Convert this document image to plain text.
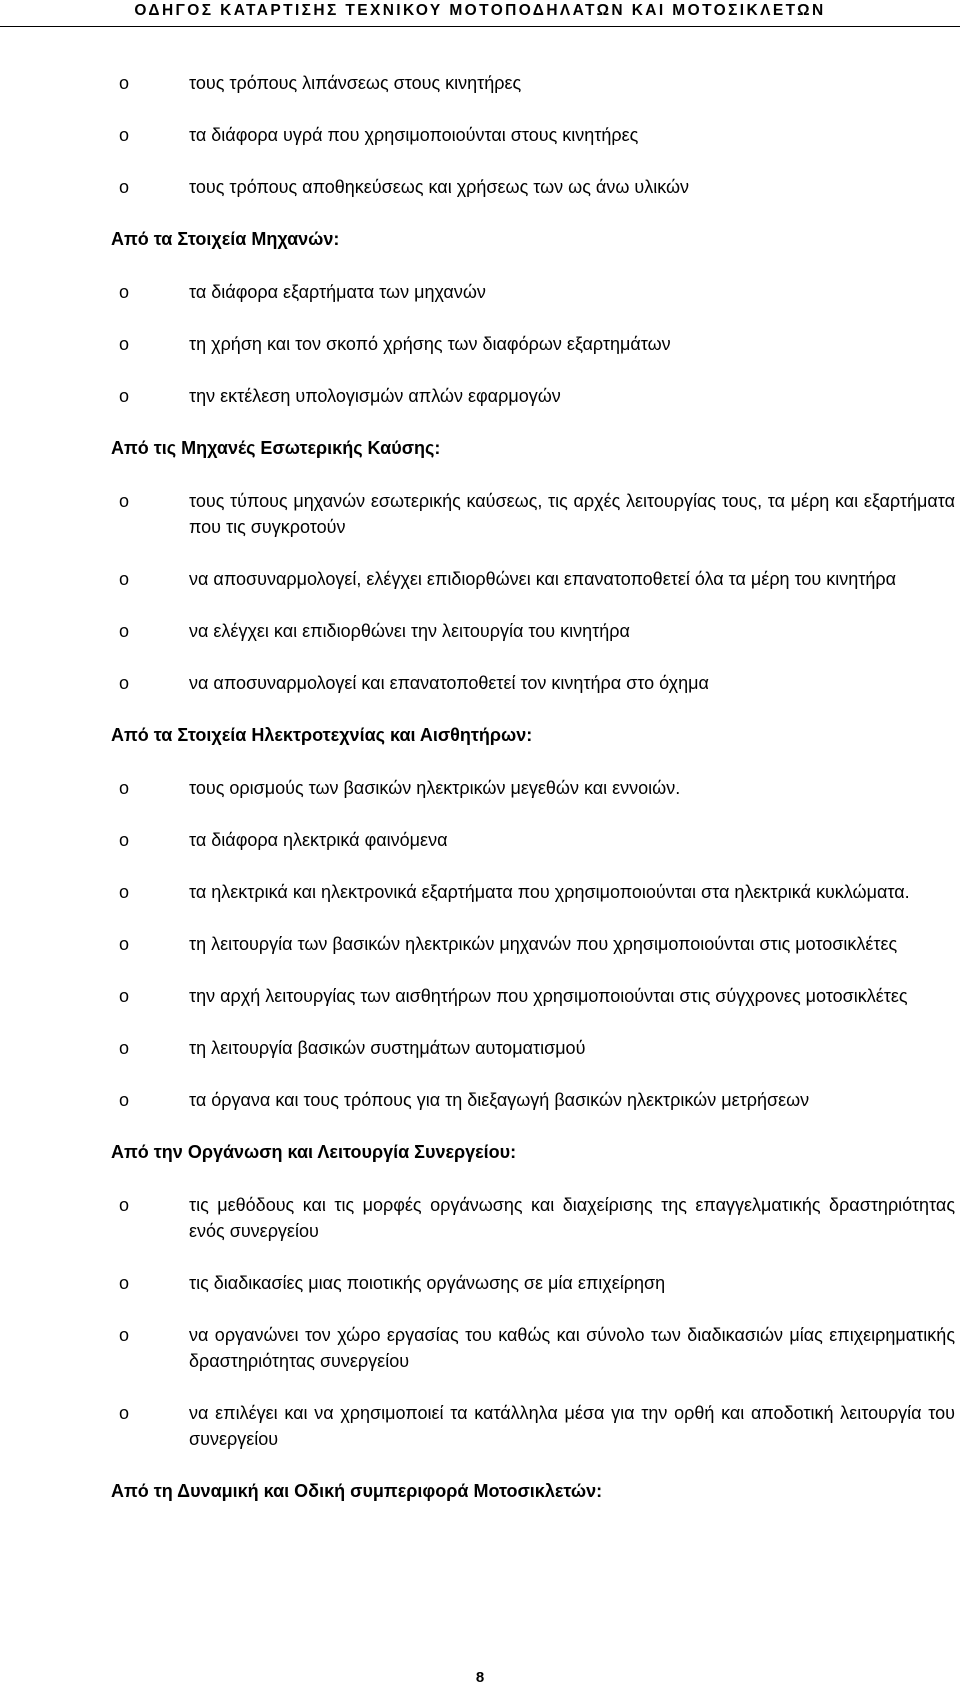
ΟΔΗΓΟΣ ΚΑΤΑΡΤΙΣΗΣ ΤΕΧΝΙΚΟΥ ΜΟΤΟΠΟΔΗΛΑΤΩΝ ΚΑΙ ΜΟΤΟΣΙΚΛΕΤΩΝ
o	τους τρόπους λιπάνσεως στους κινητήρες
o	τα διάφορα υγρά που χρησιμοποιούνται στους κινητήρες
o	τους τρόπους αποθηκεύσεως και χρήσεως των ως άνω υλικών
Από τα Στοιχεία Μηχανών:
o	τα διάφορα εξαρτήματα των μηχανών
o	τη χρήση και τον σκοπό χρήσης των διαφόρων εξαρτημάτων
o	την εκτέλεση υπολογισμών απλών εφαρμογών
Από τις Μηχανές Εσωτερικής Καύσης:
o	τους τύπους μηχανών εσωτερικής καύσεως, τις αρχές λειτουργίας τους, τα μέρη και εξαρτήματα που τις συγκροτούν
o	να αποσυναρμολογεί, ελέγχει επιδιορθώνει και επανατοποθετεί όλα τα μέρη του κινητήρα
o	να ελέγχει και επιδιορθώνει την λειτουργία του κινητήρα
o	να αποσυναρμολογεί και επανατοποθετεί τον κινητήρα στο όχημα
Από τα Στοιχεία Ηλεκτροτεχνίας και Αισθητήρων:
o	τους ορισμούς των βασικών ηλεκτρικών μεγεθών και εννοιών.
o	τα διάφορα ηλεκτρικά φαινόμενα
o	τα ηλεκτρικά και ηλεκτρονικά εξαρτήματα που χρησιμοποιούνται στα ηλεκτρικά κυκλώματα.
o	τη λειτουργία των βασικών ηλεκτρικών μηχανών που χρησιμοποιούνται στις μοτοσικλέτες
o	την αρχή λειτουργίας των αισθητήρων που χρησιμοποιούνται στις σύγχρονες μοτοσικλέτες
o	τη λειτουργία βασικών συστημάτων αυτοματισμού
o	τα όργανα και τους τρόπους για τη διεξαγωγή βασικών ηλεκτρικών μετρήσεων
Από την Οργάνωση και Λειτουργία Συνεργείου:
o	τις μεθόδους και τις μορφές οργάνωσης και διαχείρισης της επαγγελματικής δραστηριότητας ενός συνεργείου
o	τις διαδικασίες μιας ποιοτικής οργάνωσης σε μία επιχείρηση
o	να οργανώνει τον χώρο εργασίας του καθώς και σύνολο των διαδικασιών μίας επιχειρηματικής δραστηριότητας συνεργείου
o	να επιλέγει και να χρησιμοποιεί τα κατάλληλα μέσα για την ορθή και αποδοτική λειτουργία του συνεργείου
Από τη Δυναμική και Οδική συμπεριφορά Μοτοσικλετών:
8
